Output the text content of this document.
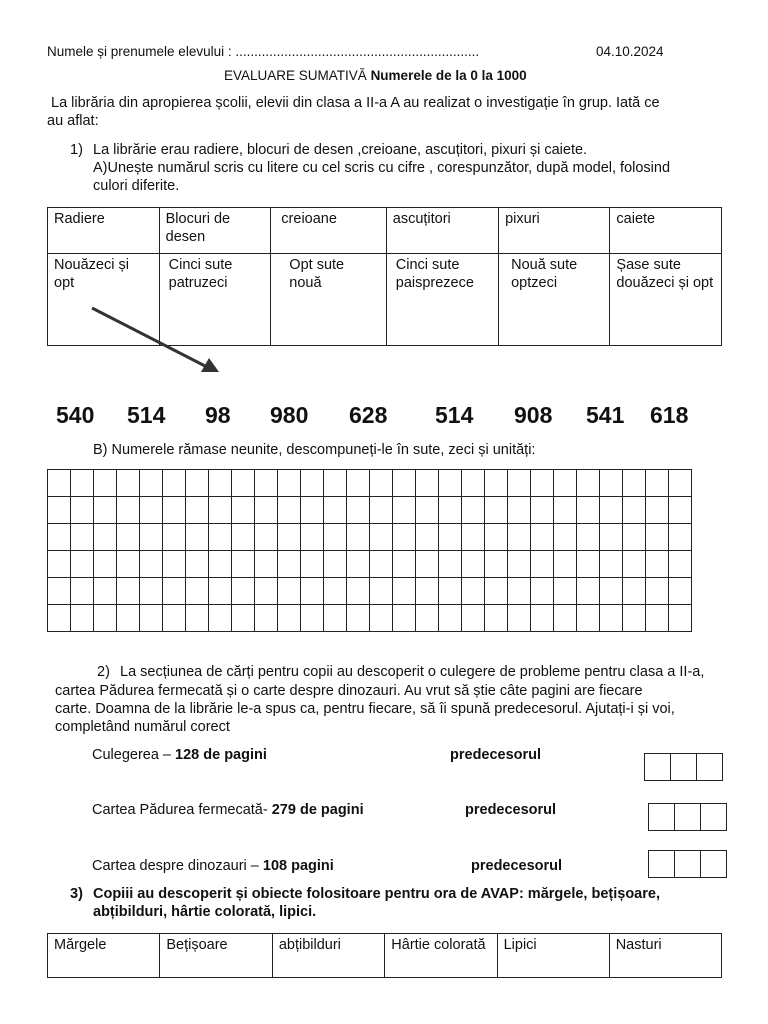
Numele și prenumele elevului : .................................................................	04.10.2024
EVALUARE SUMATIVĂ Numerele de la 0 la 1000
La librăria din apropierea școlii, elevii din clasa a II-a A au realizat o investigație în grup. Iată ce
au aflat:
1) La librărie erau radiere, blocuri de desen ,creioane, ascuțitori, pixuri și caiete.
A)Unește numărul scris cu litere cu cel scris cu cifre , corespunzător, după model, folosind
culori diferite.
Radiere	Blocuri de desen	creioane	ascuțitori	pixuri	caiete
Nouăzeci și opt	Cinci sute patruzeci	Opt sute nouă	Cinci sute paisprezece	Nouă sute optzeci	Șase sute douăzeci și opt
540 514 98 980 628 514 908 541 618
B) Numerele rămase neunite, descompuneți-le în sute, zeci și unități:

2) La secțiunea de cărți pentru copii au descoperit o culegere de probleme pentru clasa a II-a,
cartea Pădurea fermecată și o carte despre dinozauri. Au vrut să știe câte pagini are fiecare
carte. Doamna de la librărie le-a spus ca, pentru fiecare, să îi spună predecesorul. Ajutați-i și voi,
completând numărul corect
Culegerea – 128 de pagini	predecesorul
Cartea Pădurea fermecată- 279 de pagini	predecesorul
Cartea despre dinozauri – 108 pagini	predecesorul
3) Copiii au descoperit și obiecte folositoare pentru ora de AVAP: mărgele, bețișoare,
abțibilduri, hârtie colorată, lipici.
Mărgele	Bețișoare	abțibilduri	Hârtie colorată	Lipici	Nasturi
